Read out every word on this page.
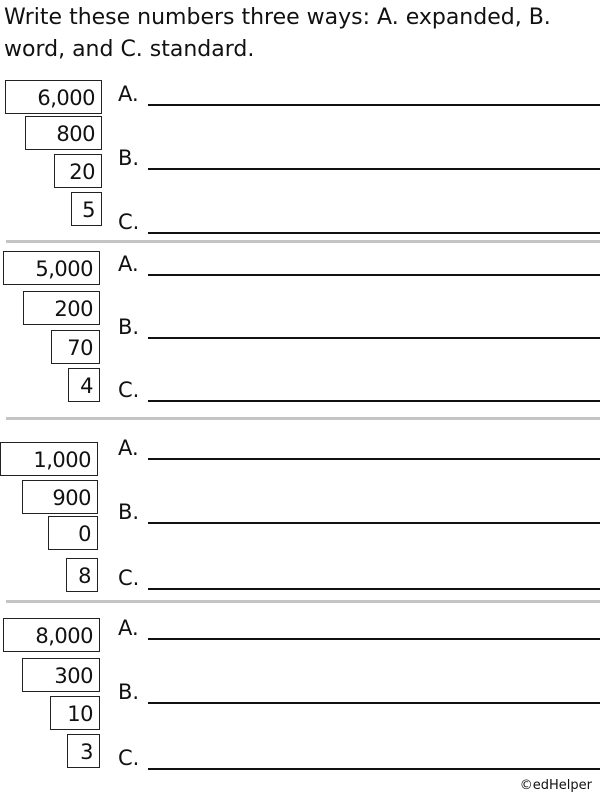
Write these numbers three ways: A. expanded, B. word, and C. standard.

6,000
800
20
5
A.
B.
C.
5,000
200
70
4
A.
B.
C.
1,000
900
0
8
A.
B.
C.
8,000
300
10
3
A.
B.
C.
©edHelper
